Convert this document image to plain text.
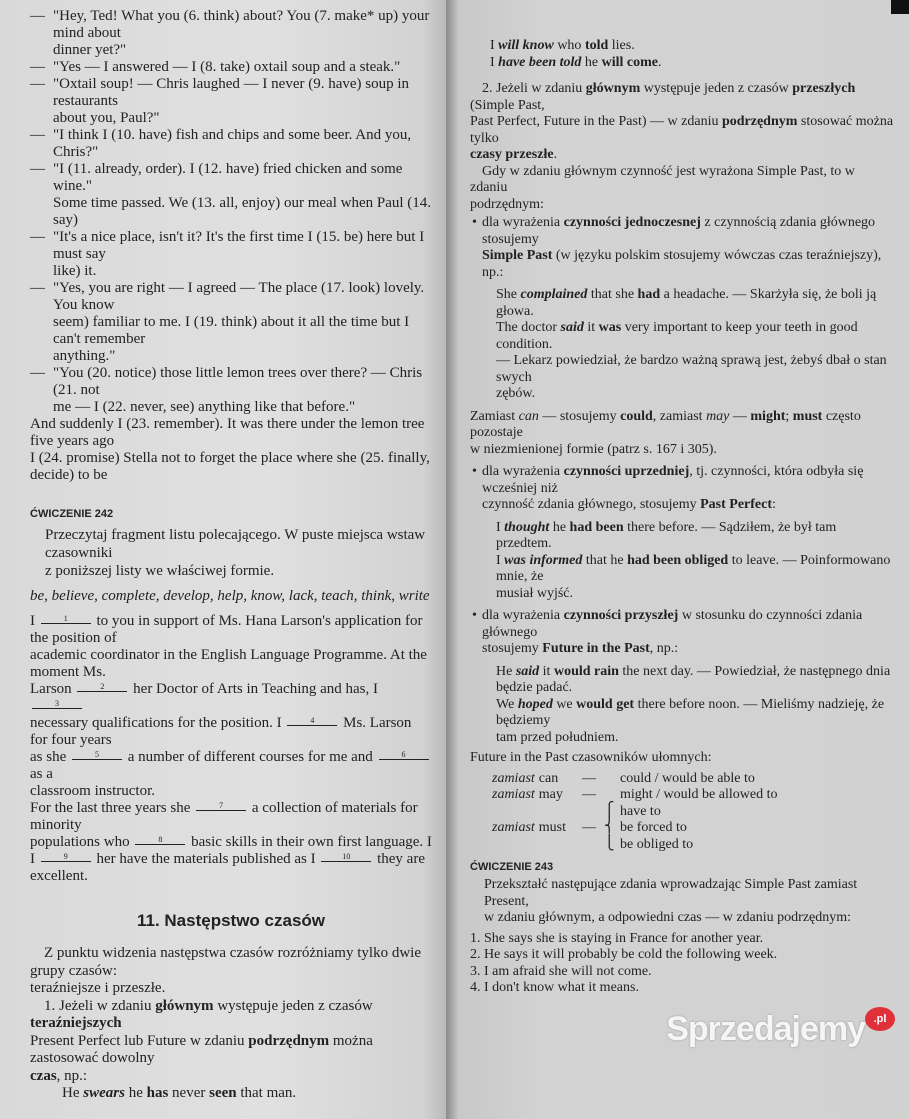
— "Hey, Ted! What you (6. think) about? You (7. make* up) your mind about
dinner yet?"
— "Yes — I answered — I (8. take) oxtail soup and a steak."
— "Oxtail soup! — Chris laughed — I never (9. have) soup in restaurants
about you, Paul?"
— "I think I (10. have) fish and chips and some beer. And you, Chris?"
— "I (11. already, order). I (12. have) fried chicken and some wine."
Some time passed. We (13. all, enjoy) our meal when Paul (14. say)
— "It's a nice place, isn't it? It's the first time I (15. be) here but I must say
like) it.
— "Yes, you are right — I agreed — The place (17. look) lovely. You know
seem) familiar to me. I (19. think) about it all the time but I can't remember
anything."
— "You (20. notice) those little lemon trees over there? — Chris (21. not
me — I (22. never, see) anything like that before."
And suddenly I (23. remember). It was there under the lemon tree five years ago
I (24. promise) Stella not to forget the place where she (25. finally, decide) to be
ĆWICZENIE 242
Przeczytaj fragment listu polecającego. W puste miejsca wstaw czasowniki
z poniższej listy we właściwej formie.
be, believe, complete, develop, help, know, lack, teach, think, write
I	1 to you in support of Ms. Hana Larson's application for the position of
academic coordinator in the English Language Programme. At the moment Ms.
Larson	2 her Doctor of Arts in Teaching and has, I 3
necessary qualifications for the position. I	4 Ms. Larson for four years
as she	5 a number of different courses for me and	6 as a
classroom instructor.
For the last three years she	7 a collection of materials for minority
populations who	8 basic skills in their own first language. I
I	9 her have the materials published as I	10 they are excellent.
11. Następstwo czasów
Z punktu widzenia następstwa czasów rozróżniamy tylko dwie grupy czasów:
teraźniejsze i przeszłe.
1. Jeżeli w zdaniu głównym występuje jeden z czasów teraźniejszych
Present Perfect lub Future w zdaniu podrzędnym można zastosować dowolny
czas, np.:
He swears he has never seen that man.
I will know who told lies.
I have been told he will come.
2. Jeżeli w zdaniu głównym występuje jeden z czasów przeszłych (Simple Past,
Past Perfect, Future in the Past) — w zdaniu podrzędnym stosować można tylko
czasy przeszłe.
Gdy w zdaniu głównym czynność jest wyrażona Simple Past, to w zdaniu
podrzędnym:
• dla wyrażenia czynności jednoczesnej z czynnością zdania głównego stosujemy
Simple Past (w języku polskim stosujemy wówczas czas teraźniejszy), np.:
She complained that she had a headache. — Skarżyła się, że boli ją głowa.
The doctor said it was very important to keep your teeth in good condition.
— Lekarz powiedział, że bardzo ważną sprawą jest, żebyś dbał o stan swych
zębów.
Zamiast can — stosujemy could, zamiast may — might; must często pozostaje
w niezmienionej formie (patrz s. 167 i 305).
• dla wyrażenia czynności uprzedniej, tj. czynności, która odbyła się wcześniej niż
czynność zdania głównego, stosujemy Past Perfect:
I thought he had been there before. — Sądziłem, że był tam przedtem.
I was informed that he had been obliged to leave. — Poinformowano mnie, że
musiał wyjść.
• dla wyrażenia czynności przyszłej w stosunku do czynności zdania głównego
stosujemy Future in the Past, np.:
He said it would rain the next day. — Powiedział, że następnego dnia będzie padać.
We hoped we would get there before noon. — Mieliśmy nadzieję, że będziemy
tam przed południem.
Future in the Past czasowników ułomnych:
zamiast can — could / would be able to
zamiast may — might / would be allowed to
⎧ have to
zamiast must — ⎨ be forced to
⎩ be obliged to
ĆWICZENIE 243
Przekształć następujące zdania wprowadzając Simple Past zamiast Present,
w zdaniu głównym, a odpowiedni czas — w zdaniu podrzędnym:
1. She says she is staying in France for another year.
2. He says it will probably be cold the following week.
3. I am afraid she will not come.
4. I don't know what it means.
Sprzedajemy .pl
